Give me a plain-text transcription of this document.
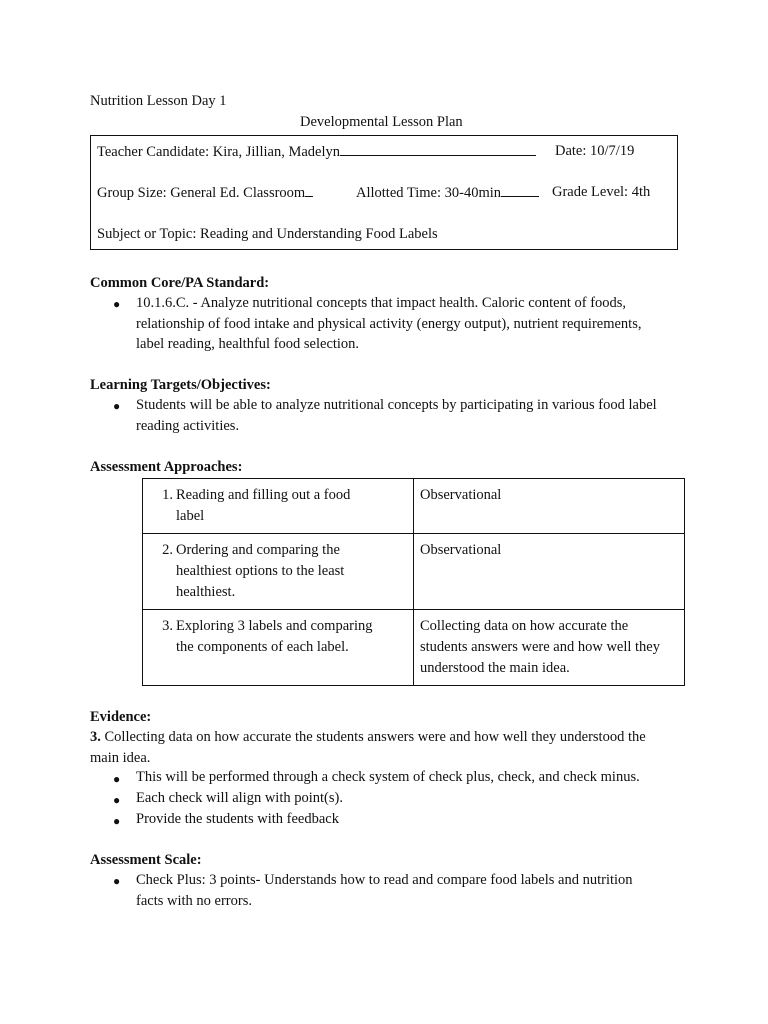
Nutrition Lesson Day 1
Developmental Lesson Plan
Teacher Candidate: Kira, Jillian, Madelyn	Date: 10/7/19
Group Size: General Ed. Classroom	Allotted Time: 30-40min	Grade Level: 4th
Subject or Topic: Reading and Understanding Food Labels
Common Core/PA Standard:
● 10.1.6.C. - Analyze nutritional concepts that impact health. Caloric content of foods,
relationship of food intake and physical activity (energy output), nutrient requirements,
label reading, healthful food selection.
Learning Targets/Objectives:
● Students will be able to analyze nutritional concepts by participating in various food label
reading activities.
Assessment Approaches:
1. Reading and filling out a food
label	Observational
2. Ordering and comparing the
healthiest options to the least
healthiest.	Observational
3. Exploring 3 labels and comparing
the components of each label.	Collecting data on how accurate the
students answers were and how well they
understood the main idea.
Evidence:
3. Collecting data on how accurate the students answers were and how well they understood the
main idea.
● This will be performed through a check system of check plus, check, and check minus.
● Each check will align with point(s).
● Provide the students with feedback
Assessment Scale:
● Check Plus: 3 points- Understands how to read and compare food labels and nutrition
facts with no errors.
